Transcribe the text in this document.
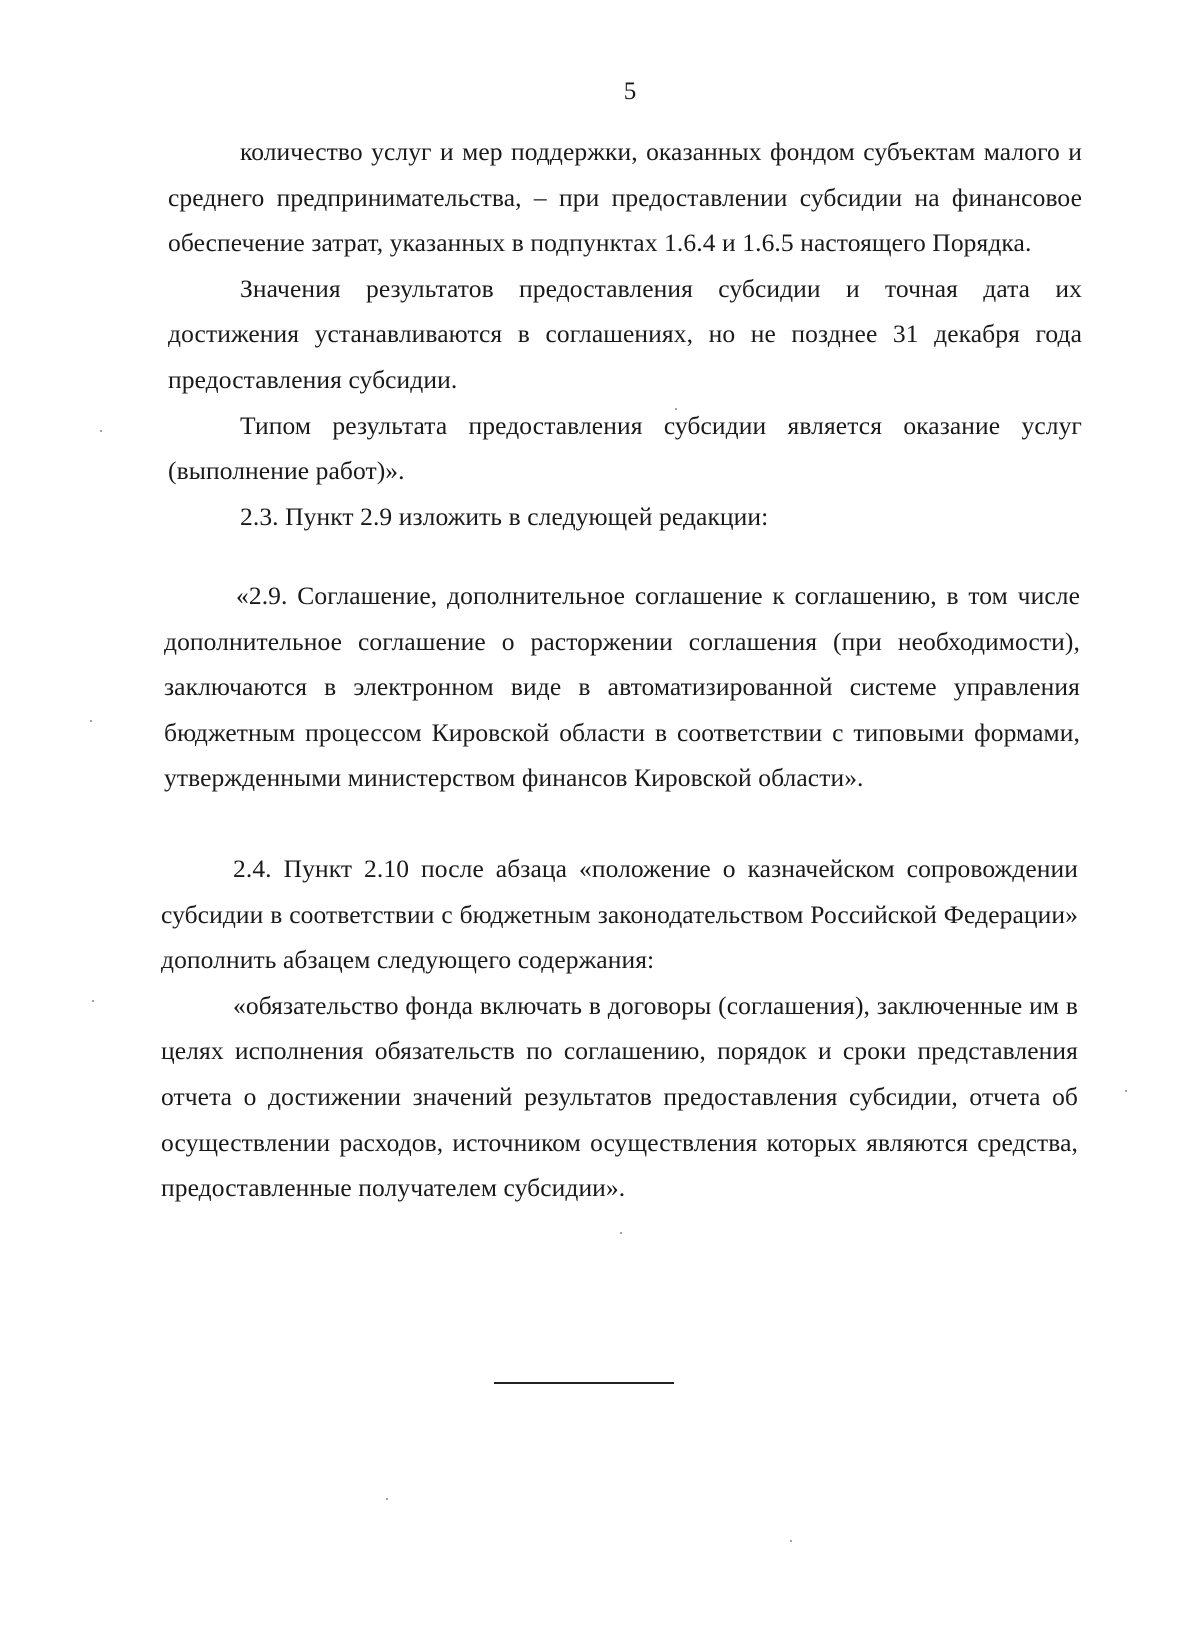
5

количество услуг и мер поддержки, оказанных фондом субъектам малого и среднего предпринимательства, – при предоставлении субсидии на финансовое обеспечение затрат, указанных в подпунктах 1.6.4 и 1.6.5 настоящего Порядка.

Значения результатов предоставления субсидии и точная дата их достижения устанавливаются в соглашениях, но не позднее 31 декабря года предоставления субсидии.

Типом результата предоставления субсидии является оказание услуг (выполнение работ)».

2.3. Пункт 2.9 изложить в следующей редакции:

«2.9. Соглашение, дополнительное соглашение к соглашению, в том числе дополнительное соглашение о расторжении соглашения (при необходимости), заключаются в электронном виде в автоматизированной системе управления бюджетным процессом Кировской области в соответствии с типовыми формами, утвержденными министерством финансов Кировской области».

2.4. Пункт 2.10 после абзаца «положение о казначейском сопровождении субсидии в соответствии с бюджетным законодательством Российской Федерации» дополнить абзацем следующего содержания:

«обязательство фонда включать в договоры (соглашения), заключенные им в целях исполнения обязательств по соглашению, порядок и сроки представления отчета о достижении значений результатов предоставления субсидии, отчета об осуществлении расходов, источником осуществления которых являются средства, предоставленные получателем субсидии».
